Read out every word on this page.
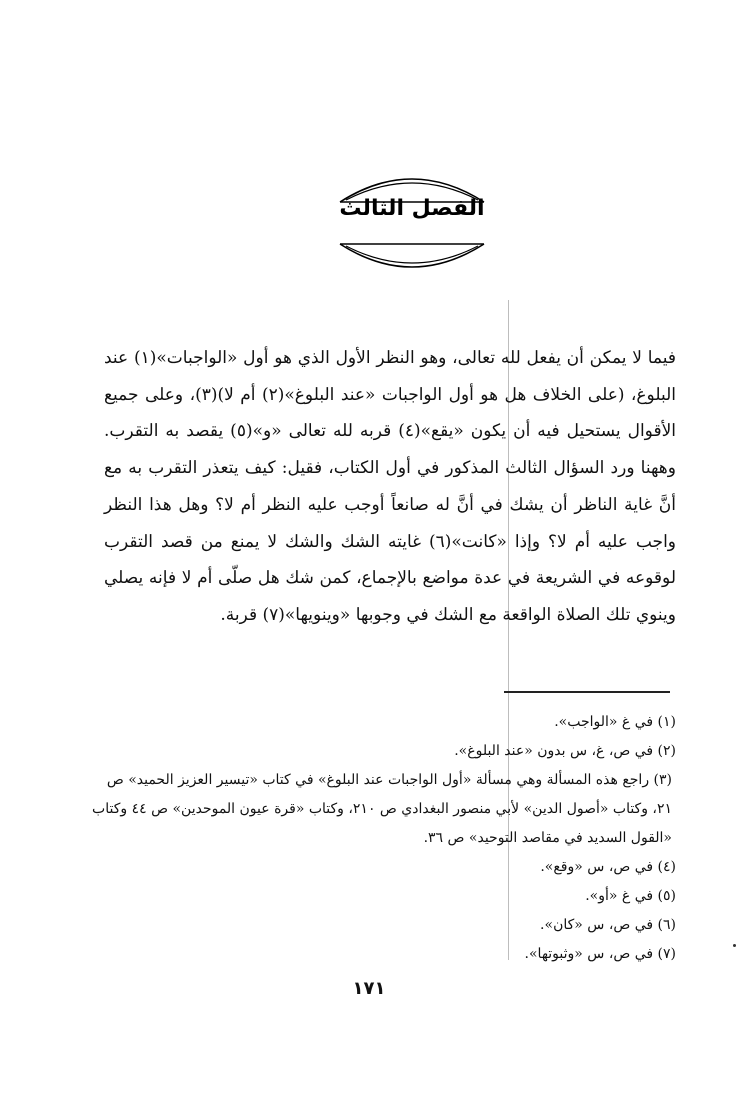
الفصل الثالث

فيما لا يمكن أن يفعل لله تعالى، وهو النظر الأول الذي هو أول «الواجبات»(١) عند البلوغ، (على الخلاف هل هو أول الواجبات «عند البلوغ»(٢) أم لا)(٣)، وعلى جميع الأقوال يستحيل فيه أن يكون «يقع»(٤) قربه لله تعالى «و»(٥) يقصد به التقرب. وههنا ورد السؤال الثالث المذكور في أول الكتاب، فقيل: كيف يتعذر التقرب به مع أنَّ غاية الناظر أن يشك في أنَّ له صانعاً أوجب عليه النظر أم لا؟ وهل هذا النظر واجب عليه أم لا؟ وإذا «كانت»(٦) غايته الشك والشك لا يمنع من قصد التقرب لوقوعه في الشريعة في عدة مواضع بالإجماع، كمن شك هل صلّى أم لا فإنه يصلي وينوي تلك الصلاة الواقعة مع الشك في وجوبها «وينويها»(٧) قربة.

(١) في غ «الواجب».
(٢) في ص، غ، س بدون «عند البلوغ».
(٣) راجع هذه المسألة وهي مسألة «أول الواجبات عند البلوغ» في كتاب «تيسير العزيز الحميد» ص ٢١، وكتاب «أصول الدين» لأبي منصور البغدادي ص ٢١٠، وكتاب «قرة عيون الموحدين» ص ٤٤ وكتاب «القول السديد في مقاصد التوحيد» ص ٣٦.
(٤) في ص، س «وقع».
(٥) في غ «أو».
(٦) في ص، س «كان».
(٧) في ص، س «وثبوتها».
١٧١
